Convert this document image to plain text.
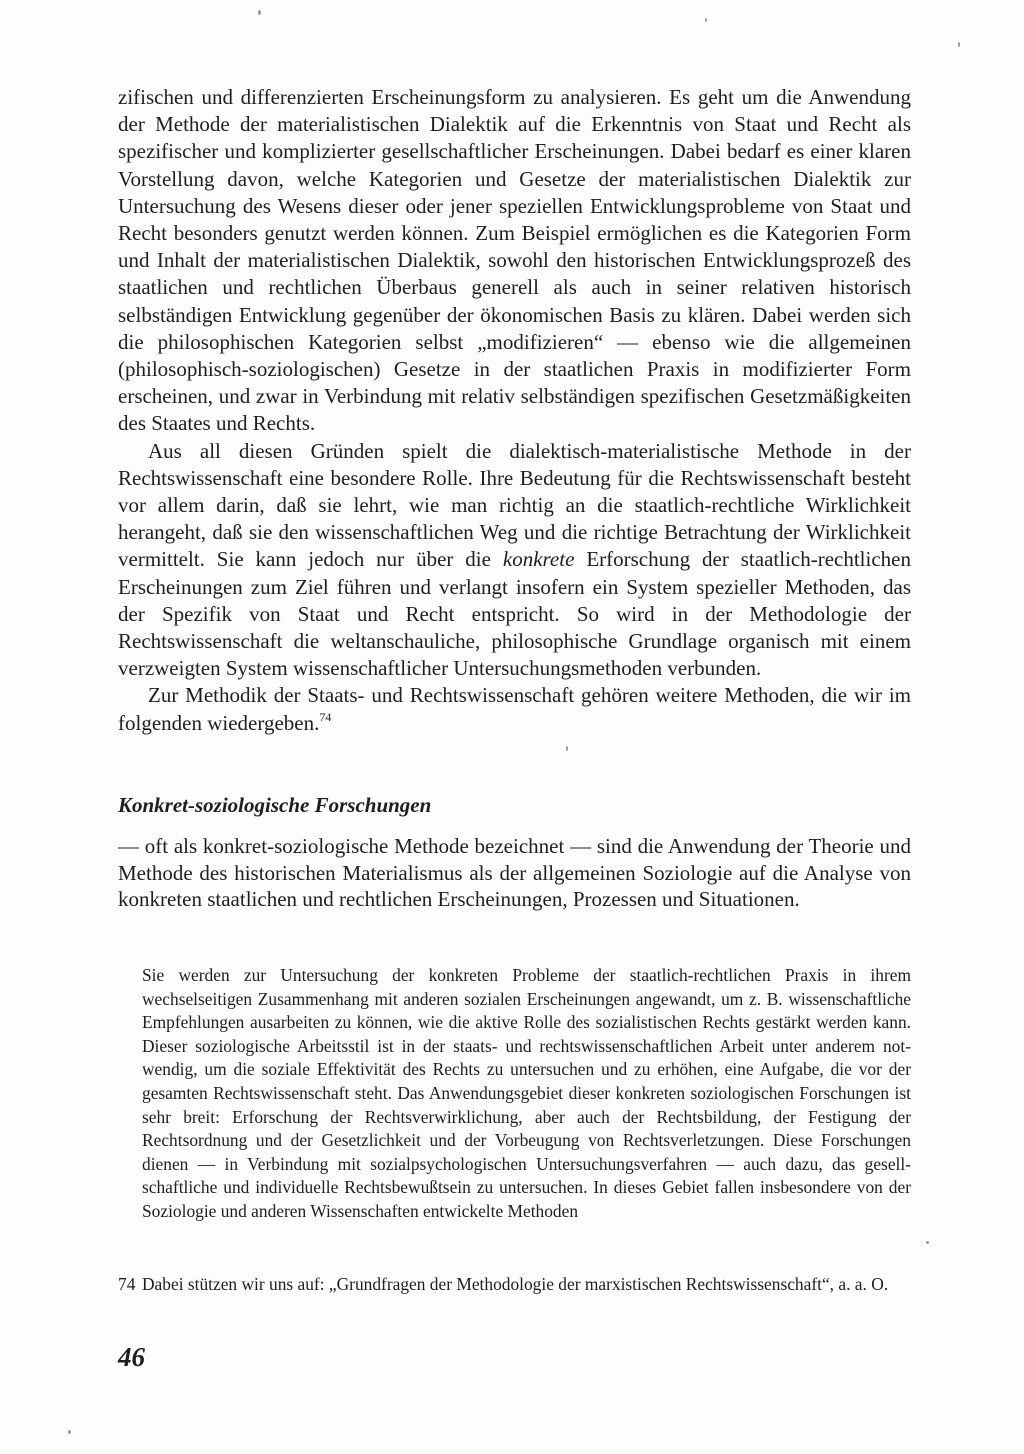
zifischen und differenzierten Erscheinungsform zu analysieren. Es geht um die Anwendung der Methode der materialistischen Dialektik auf die Erkenntnis von Staat und Recht als spezifischer und komplizierter gesellschaftlicher Erscheinungen. Dabei bedarf es einer klaren Vorstellung davon, welche Kategorien und Gesetze der materialistischen Dialektik zur Untersuchung des Wesens dieser oder jener speziellen Entwicklungsprobleme von Staat und Recht besonders genutzt werden können. Zum Beispiel ermöglichen es die Kategorien Form und Inhalt der materialistischen Dialektik, sowohl den historischen Entwicklungsprozeß des staatlichen und rechtlichen Überbaus generell als auch in seiner relativen historisch selbständigen Entwicklung gegenüber der ökonomischen Basis zu klären. Dabei werden sich die philosophischen Kategorien selbst „modifizieren“ — ebenso wie die allgemeinen (philosophisch-soziologischen) Gesetze in der staatlichen Praxis in modifizierter Form erscheinen, und zwar in Verbindung mit relativ selbständigen spezifischen Gesetzmäßigkeiten des Staates und Rechts.

Aus all diesen Gründen spielt die dialektisch-materialistische Methode in der Rechtswissenschaft eine besondere Rolle. Ihre Bedeutung für die Rechtswissenschaft besteht vor allem darin, daß sie lehrt, wie man richtig an die staatlich-rechtliche Wirklichkeit herangeht, daß sie den wissenschaftlichen Weg und die richtige Betrachtung der Wirklichkeit vermittelt. Sie kann jedoch nur über die konkrete Erforschung der staatlich-rechtlichen Erscheinungen zum Ziel führen und verlangt insofern ein System spezieller Methoden, das der Spezifik von Staat und Recht entspricht. So wird in der Methodologie der Rechtswissenschaft die weltanschauliche, philosophische Grundlage organisch mit einem verzweigten System wissenschaftlicher Untersuchungsmethoden verbunden.

Zur Methodik der Staats- und Rechtswissenschaft gehören weitere Methoden, die wir im folgenden wiedergeben.$^{74}$

Konkret-soziologische Forschungen

— oft als konkret-soziologische Methode bezeichnet — sind die Anwendung der Theorie und Methode des historischen Materialismus als der allgemeinen Soziologie auf die Analyse von konkreten staatlichen und rechtlichen Erscheinungen, Prozessen und Situationen.

Sie werden zur Untersuchung der konkreten Probleme der staatlich-rechtlichen Praxis in ihrem wechselseitigen Zusammenhang mit anderen sozialen Erscheinungen angewandt, um z. B. wissenschaftliche Empfehlungen ausarbeiten zu können, wie die aktive Rolle des sozialistischen Rechts gestärkt werden kann. Dieser soziologische Arbeitsstil ist in der staats- und rechtswissenschaftlichen Arbeit unter anderem notwendig, um die soziale Effektivität des Rechts zu untersuchen und zu erhöhen, eine Aufgabe, die vor der gesamten Rechtswissenschaft steht. Das Anwendungsgebiet dieser konkreten soziologischen Forschungen ist sehr breit: Erforschung der Rechtsverwirklichung, aber auch der Rechtsbildung, der Festigung der Rechtsordnung und der Gesetzlichkeit und der Vorbeugung von Rechtsverletzungen. Diese Forschungen dienen — in Verbindung mit sozialpsychologischen Untersuchungsverfahren — auch dazu, das gesellschaftliche und individuelle Rechtsbewußtsein zu untersuchen. In dieses Gebiet fallen insbesondere von der Soziologie und anderen Wissenschaften entwickelte Methoden

74 Dabei stützen wir uns auf: „Grundfragen der Methodologie der marxistischen Rechtswissenschaft“, a. a. O.

46
